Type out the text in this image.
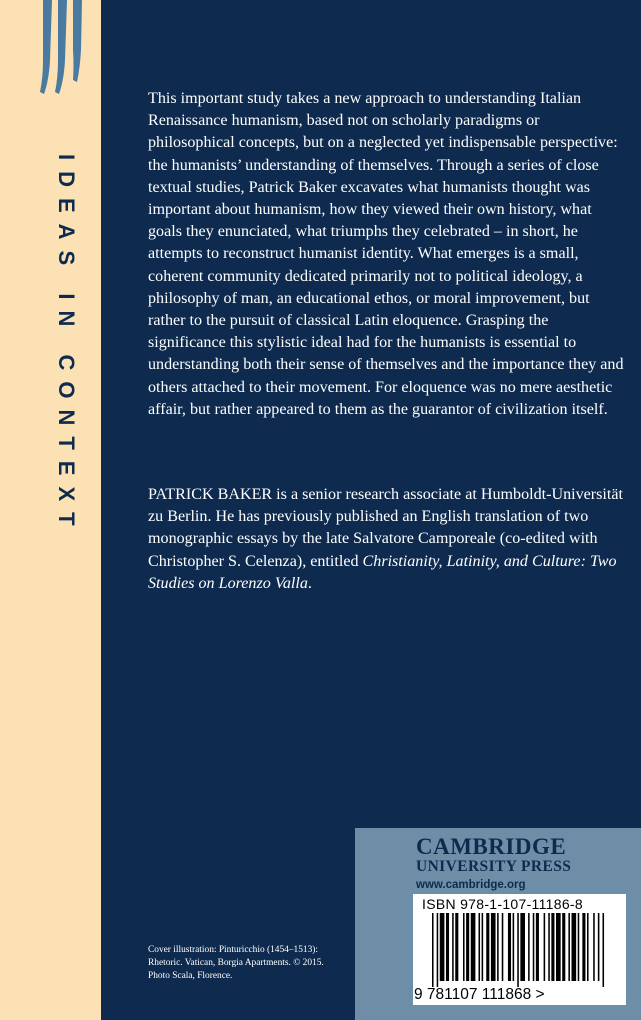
IDEAS IN CONTEXT

This important study takes a new approach to understanding Italian Renaissance humanism, based not on scholarly paradigms or philosophical concepts, but on a neglected yet indispensable perspective: the humanists’ understanding of themselves. Through a series of close textual studies, Patrick Baker excavates what humanists thought was important about humanism, how they viewed their own history, what goals they enunciated, what triumphs they celebrated – in short, he attempts to reconstruct humanist identity. What emerges is a small, coherent community dedicated primarily not to political ideology, a philosophy of man, an educational ethos, or moral improvement, but rather to the pursuit of classical Latin eloquence. Grasping the significance this stylistic ideal had for the humanists is essential to understanding both their sense of themselves and the importance they and others attached to their movement. For eloquence was no mere aesthetic affair, but rather appeared to them as the guarantor of civilization itself.

PATRICK BAKER is a senior research associate at Humboldt-Universität zu Berlin. He has previously published an English translation of two monographic essays by the late Salvatore Camporeale (co-edited with Christopher S. Celenza), entitled Christianity, Latinity, and Culture: Two Studies on Lorenzo Valla.

Cover illustration: Pinturicchio (1454–1513): Rhetoric. Vatican, Borgia Apartments. © 2015. Photo Scala, Florence.

CAMBRIDGE
UNIVERSITY PRESS
www.cambridge.org
ISBN 978-1-107-11186-8
9 781107 111868 >
